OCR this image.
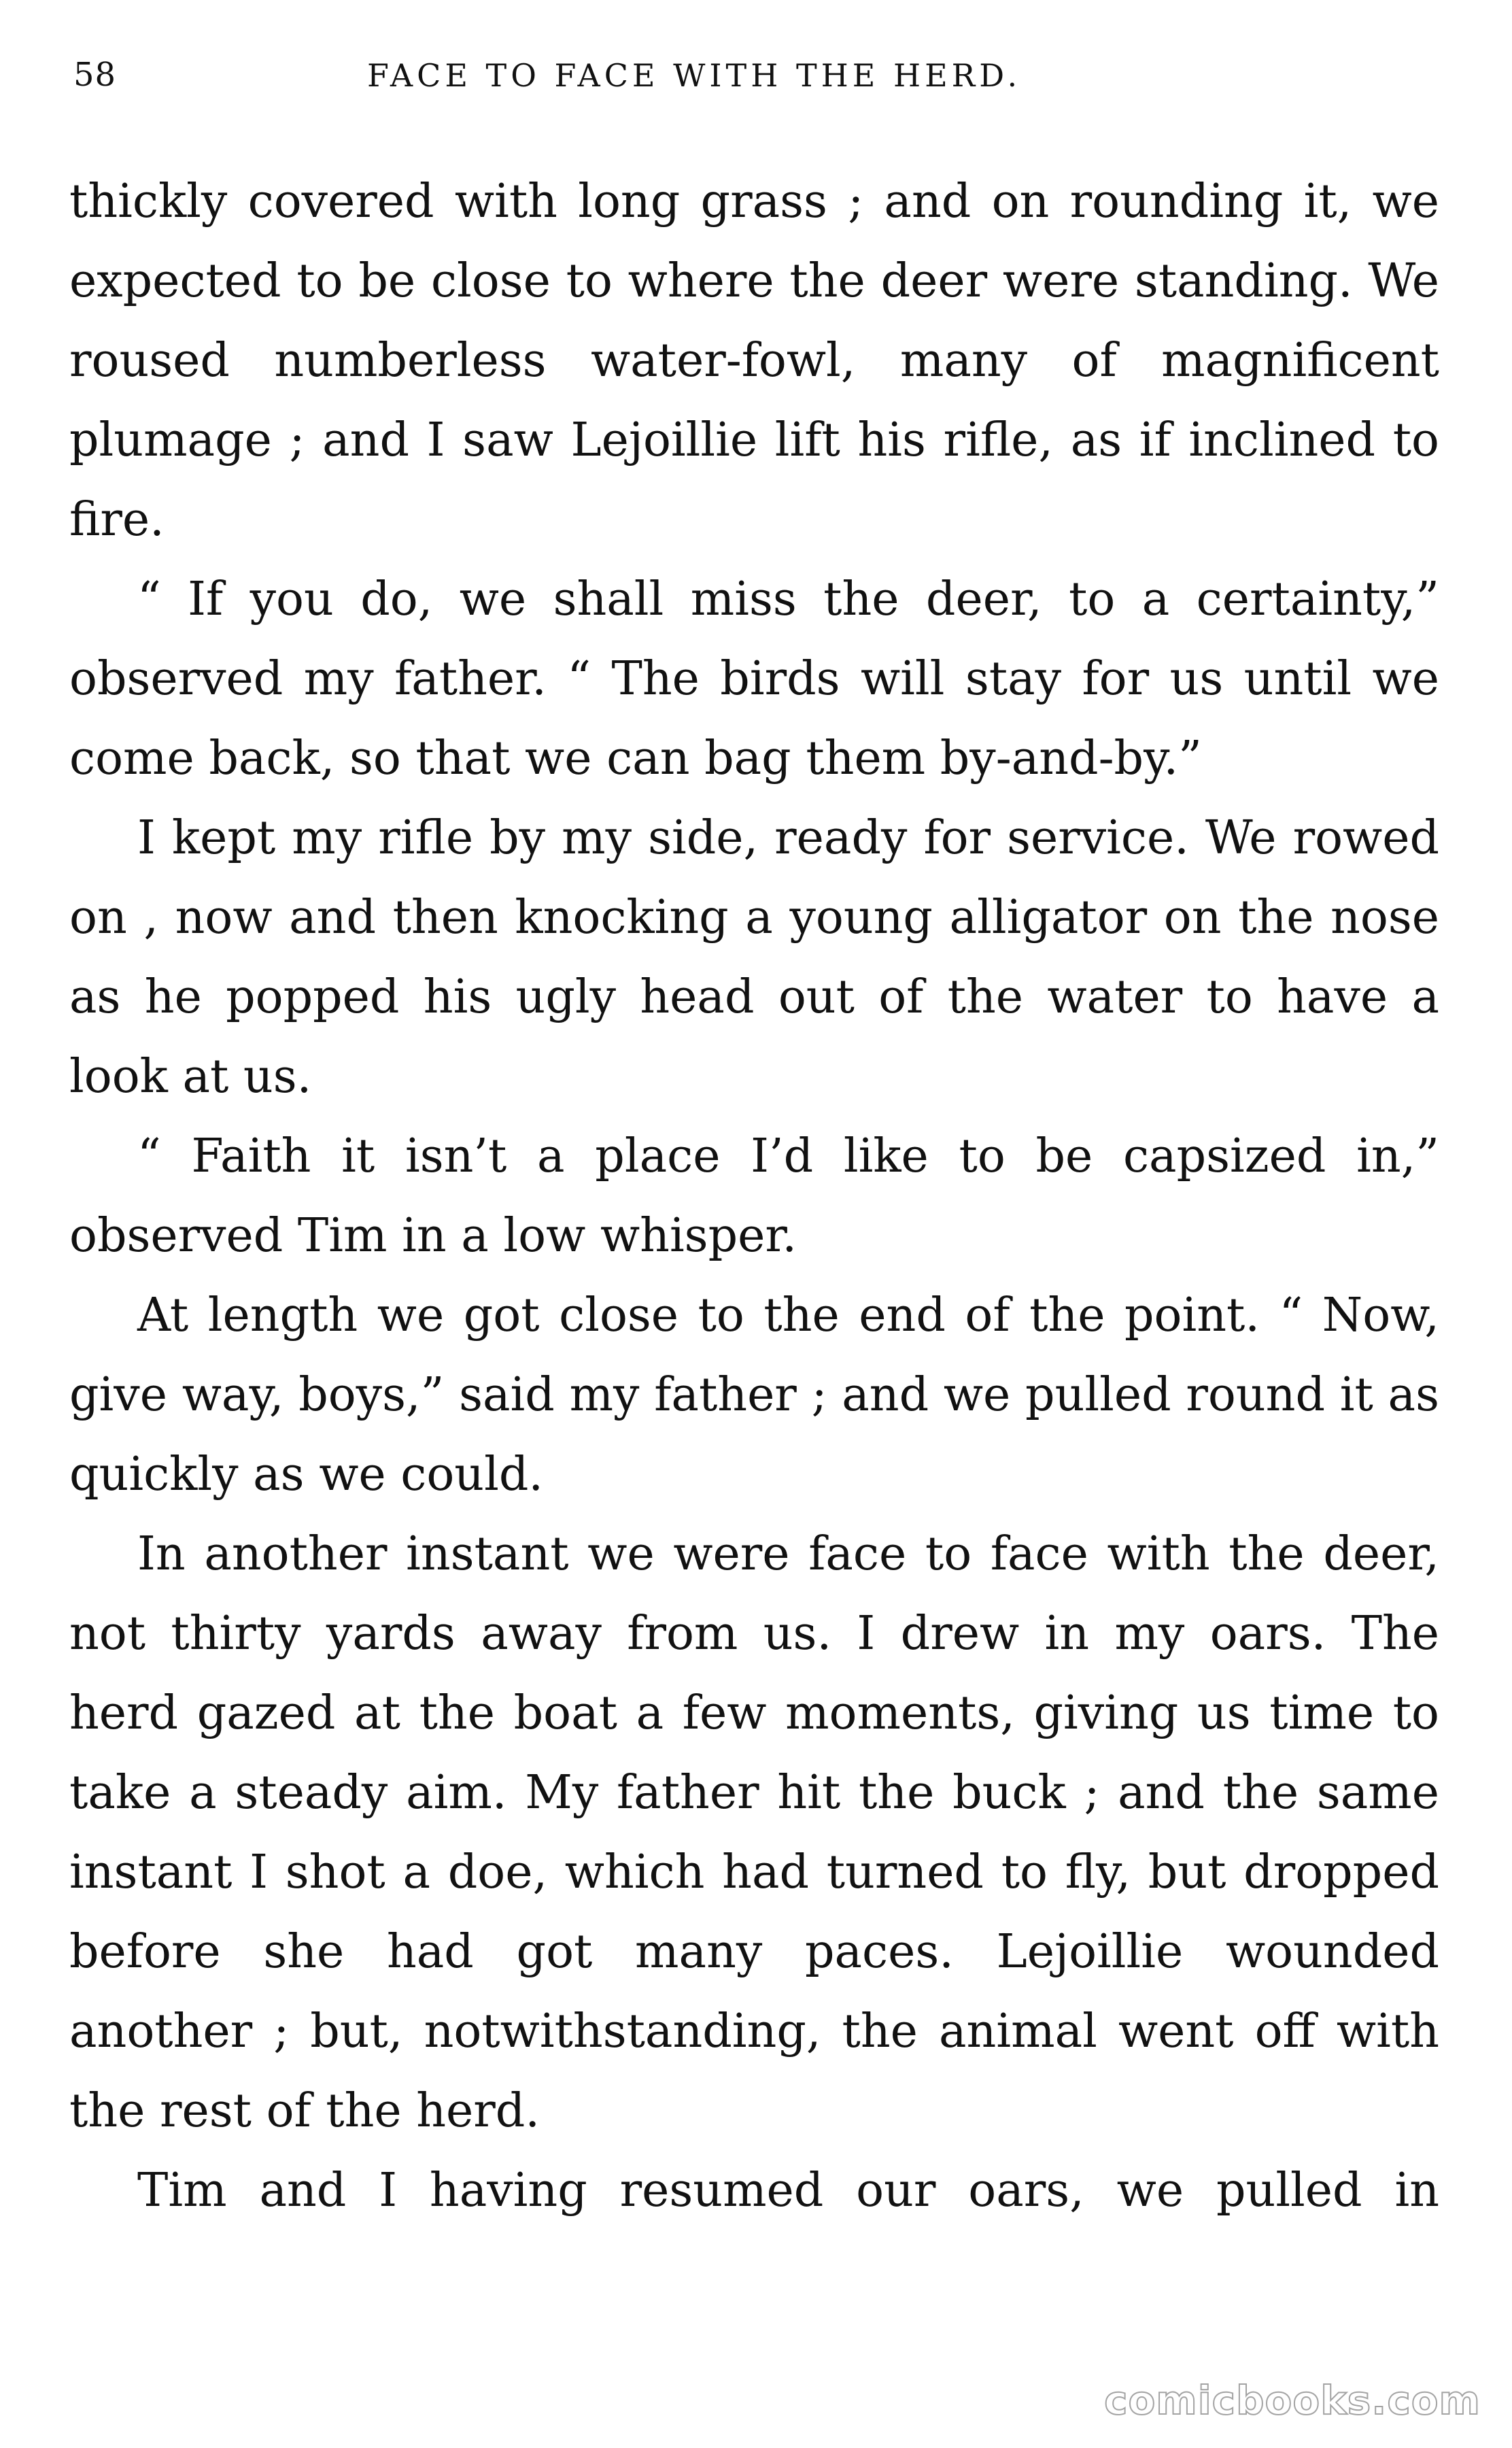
58	FACE TO FACE WITH THE HERD.

thickly covered with long grass ; and on rounding it, we expected to be close to where the deer were standing. We roused numberless water-fowl, many of magnificent plumage ; and I saw Lejoillie lift his rifle, as if inclined to fire.

“ If you do, we shall miss the deer, to a certainty,” observed my father. “ The birds will stay for us until we come back, so that we can bag them by-and-by.”

I kept my rifle by my side, ready for service. We rowed on , now and then knocking a young alligator on the nose as he popped his ugly head out of the water to have a look at us.

“ Faith it isn’t a place I’d like to be capsized in,” observed Tim in a low whisper.

At length we got close to the end of the point. “ Now, give way, boys,” said my father ; and we pulled round it as quickly as we could.

In another instant we were face to face with the deer, not thirty yards away from us. I drew in my oars. The herd gazed at the boat a few moments, giving us time to take a steady aim. My father hit the buck ; and the same instant I shot a doe, which had turned to fly, but dropped before she had got many paces. Lejoillie wounded another ; but, notwithstanding, the animal went off with the rest of the herd.

Tim and I having resumed our oars, we pulled in

comicbooks.com
